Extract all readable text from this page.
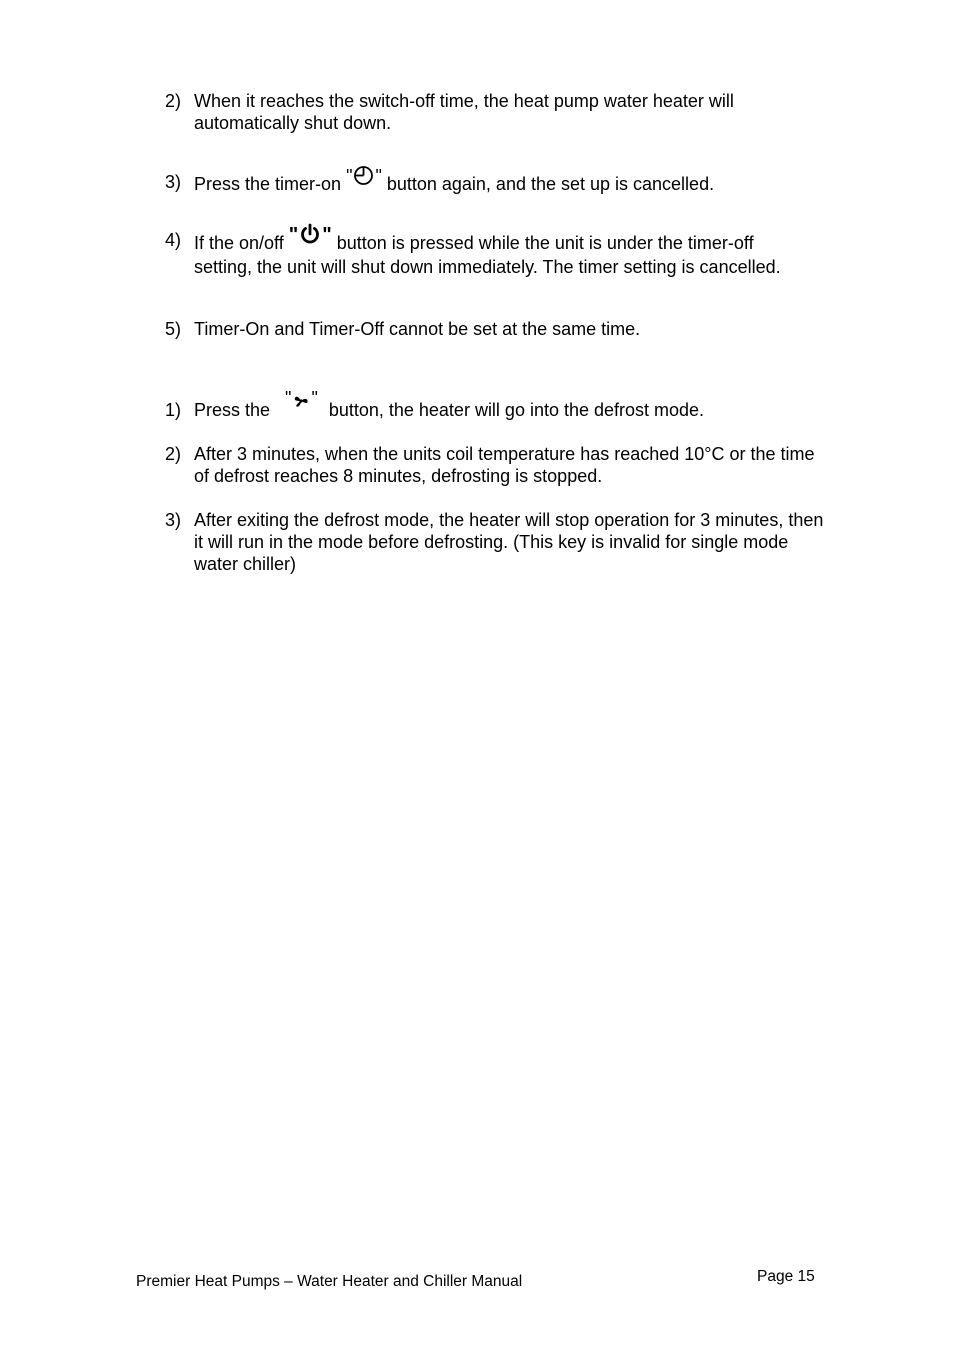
2) When it reaches the switch-off time, the heat pump water heater will automatically shut down.
3) Press the timer-on " " button again, and the set up is cancelled.
4) If the on/off " " button is pressed while the unit is under the timer-off
setting, the unit will shut down immediately. The timer setting is cancelled.
5) Timer-On and Timer-Off cannot be set at the same time.
1) Press the " " button, the heater will go into the defrost mode.
2) After 3 minutes, when the units coil temperature has reached 10°C or the time of defrost reaches 8 minutes, defrosting is stopped.
3) After exiting the defrost mode, the heater will stop operation for 3 minutes, then it will run in the mode before defrosting. (This key is invalid for single mode water chiller)
Premier Heat Pumps – Water Heater and Chiller Manual	Page 15
